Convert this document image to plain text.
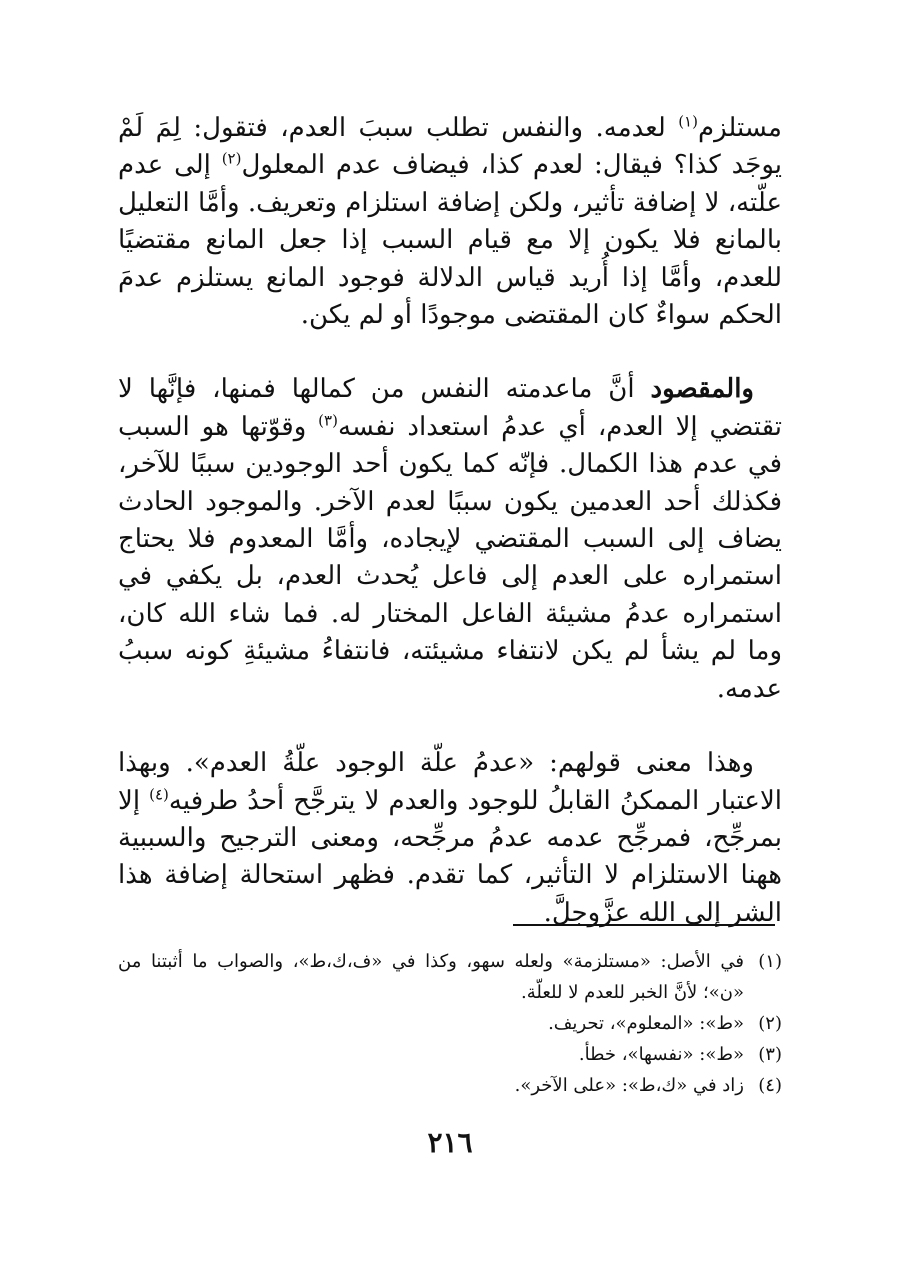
مستلزم$^{(١)}$ لعدمه. والنفس تطلب سببَ العدم، فتقول: لِمَ لَمْ يوجَد كذا؟ فيقال: لعدم كذا، فيضاف عدم المعلول$^{(٢)}$ إلى عدم علّته، لا إضافة تأثير، ولكن إضافة استلزام وتعريف. وأمَّا التعليل بالمانع فلا يكون إلا مع قيام السبب إذا جعل المانع مقتضيًا للعدم، وأمَّا إذا أُريد قياس الدلالة فوجود المانع يستلزم عدمَ الحكم سواءٌ كان المقتضى موجودًا أو لم يكن.

والمقصود أنَّ ماعدمته النفس من كمالها فمنها، فإنَّها لا تقتضي إلا العدم، أي عدمُ استعداد نفسه$^{(٣)}$ وقوّتها هو السبب في عدم هذا الكمال. فإنّه كما يكون أحد الوجودين سببًا للآخر، فكذلك أحد العدمين يكون سببًا لعدم الآخر. والموجود الحادث يضاف إلى السبب المقتضي لإيجاده، وأمَّا المعدوم فلا يحتاج استمراره على العدم إلى فاعل يُحدث العدم، بل يكفي في استمراره عدمُ مشيئة الفاعل المختار له. فما شاء الله كان، وما لم يشأ لم يكن لانتفاء مشيئته، فانتفاءُ مشيئةِ كونه سببُ عدمه.

وهذا معنى قولهم: «عدمُ علّة الوجود علّةُ العدم». وبهذا الاعتبار الممكنُ القابلُ للوجود والعدم لا يترجَّح أحدُ طرفيه$^{(٤)}$ إلا بمرجِّح، فمرجِّح عدمه عدمُ مرجِّحه، ومعنى الترجيح والسببية ههنا الاستلزام لا التأثير، كما تقدم. فظهر استحالة إضافة هذا الشر إلى الله عزَّوجلَّ.

(١)
في الأصل: «مستلزمة» ولعله سهو، وكذا في «ف،ك،ط»، والصواب ما أثبتنا من «ن»؛ لأنَّ الخبر للعدم لا للعلّة.
(٢)
«ط»: «المعلوم»، تحريف.
(٣)
«ط»: «نفسها»، خطأ.
(٤)
زاد في «ك،ط»: «على الآخر».
٢١٦
